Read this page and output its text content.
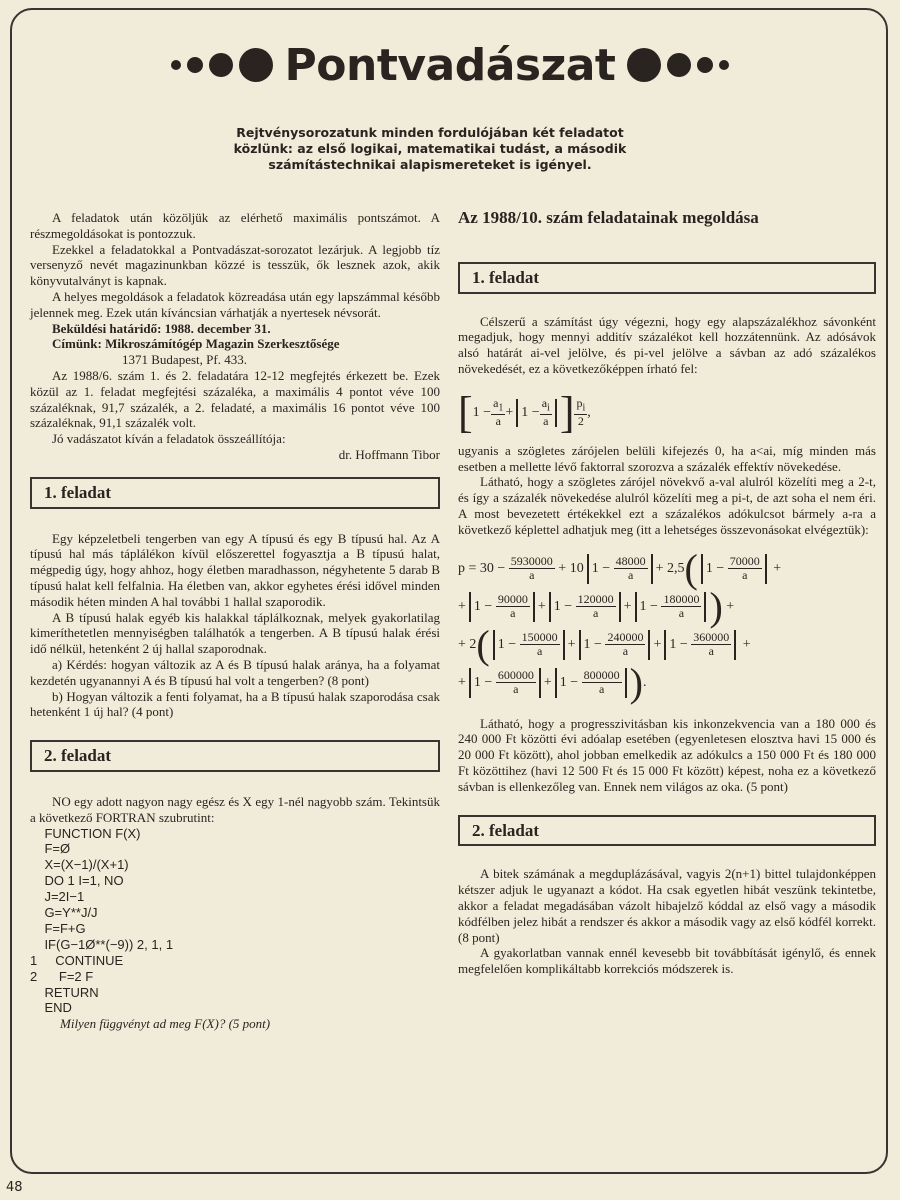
Pontvadászat
Rejtvénysorozatunk minden fordulójában két feladatot közlünk: az első logikai, matematikai tudást, a második számítástechnikai alapismereteket is igényel.

A feladatok után közöljük az elérhető maximális pontszámot. A részmegoldásokat is pontozzuk.

Ezekkel a feladatokkal a Pontvadászat-sorozatot lezárjuk. A legjobb tíz versenyző nevét magazinunkban közzé is tesszük, ők lesznek azok, akik könyvutalványt is kapnak.

A helyes megoldások a feladatok közreadása után egy lapszámmal később jelennek meg. Ezek után kíváncsian várhatják a nyertesek névsorát.

Beküldési határidő: 1988. december 31.

Címünk: Mikroszámítógép Magazin Szerkesztősége

1371 Budapest, Pf. 433.

Az 1988/6. szám 1. és 2. feladatára 12-12 megfejtés érkezett be. Ezek közül az 1. feladat megfejtési százaléka, a maximális 4 pontot véve 100 százaléknak, 91,7 százalék, a 2. feladaté, a maximális 16 pontot véve 100 százaléknak, 91,1 százalék volt.

Jó vadászatot kíván a feladatok összeállítója:

dr. Hoffmann Tibor

1. feladat

Egy képzeletbeli tengerben van egy A típusú és egy B típusú hal. Az A típusú hal más táplálékon kívül előszerettel fogyasztja a B típusú halat, mégpedig úgy, hogy ahhoz, hogy életben maradhasson, négyhetente 5 darab B típusú halat kell felfalnia. Ha életben van, akkor egyhetes érési idővel minden második héten minden A hal további 1 hallal szaporodik.

A B típusú halak egyéb kis halakkal táplálkoznak, melyek gyakorlatilag kimeríthetetlen mennyiségben találhatók a tengerben. A B típusú halak érési idő nélkül, hetenként 2 új hallal szaporodnak.

a) Kérdés: hogyan változik az A és B típusú halak aránya, ha a folyamat kezdetén ugyanannyi A és B típusú hal volt a tengerben? (8 pont)

b) Hogyan változik a fenti folyamat, ha a B típusú halak szaporodása csak hetenként 1 új hal? (4 pont)

2. feladat

NO egy adott nagyon nagy egész és X egy 1-nél nagyobb szám. Tekintsük a következő FORTRAN szubrutint:

FUNCTION F(X)
F=Ø
X=(X−1)/(X+1)
DO 1 I=1, NO
J=2I−1
G=Y**J/J
F=F+G
IF(G−1Ø**(−9)) 2, 1, 1
1     CONTINUE
2      F=2 F
RETURN
END

Milyen függvényt ad meg F(X)? (5 pont)

Az 1988/10. szám feladatainak megoldása
1. feladat

Célszerű a számítást úgy végezni, hogy egy alapszázalékhoz sávonként megadjuk, hogy mennyi additív százalékot kell hozzátennünk. Az adósávok alsó határát ai-vel jelölve, és pi-vel jelölve a sávban az adó százalékos növekedését, ez a következőképpen írható fel:

[ $1 - \frac{a_1}{a} + 1 - \frac{a_i}{a}$ ] $\frac{p_i}{2}$ ,

ugyanis a szögletes zárójelen belüli kifejezés 0, ha a<ai, míg minden más esetben a mellette lévő faktorral szorozva a százalék effektív növekedése.

Látható, hogy a szögletes zárójel növekvő a-val alulról közelíti meg a 2-t, és így a százalék növekedése alulról közelíti meg a pi-t, de azt soha el nem éri. A most bevezetett értékekkel ezt a százalékos adókulcsot bármely a-ra a következő képlettel adhatjuk meg (itt a lehetséges összevonásokat elvégeztük):

p = 30 −
$\frac{5930000}{a}$
+ 10 1 −
$\frac{48000}{a} + 2,5$ ( 1 −
$\frac{70000}{a}$ +
+ 1 −
$\frac{90000}{a} + 1$ −
$\frac{120000}{a} + 1$ −
$\frac{180000}{a}$ ) +
+ 2 ( 1 −
$\frac{150000}{a} + 1$ −
$\frac{240000}{a} + 1$ −
$\frac{360000}{a}$ +
+ 1 −
$\frac{600000}{a} + 1$ −
$\frac{800000}{a}$ ) .

Látható, hogy a progresszivitásban kis inkonzekvencia van a 180 000 és 240 000 Ft közötti évi adóalap esetében (egyenletesen elosztva havi 15 000 és 20 000 Ft között), ahol jobban emelkedik az adókulcs a 150 000 Ft és 180 000 Ft közöttihez (havi 12 500 Ft és 15 000 Ft között) képest, noha ez a következő sávban is ellenkezőleg van. Ennek nem világos az oka. (5 pont)

2. feladat

A bitek számának a megduplázásával, vagyis 2(n+1) bittel tulajdonképpen kétszer adjuk le ugyanazt a kódot. Ha csak egyetlen hibát veszünk tekintetbe, akkor a feladat megadásában vázolt hibajelző kóddal az első vagy a második kódfélben jelez hibát a rendszer és akkor a második vagy az első kódfél korrekt. (8 pont)

A gyakorlatban vannak ennél kevesebb bit továbbítását igénylő, és ennek megfelelően komplikáltabb korrekciós módszerek is.

48
